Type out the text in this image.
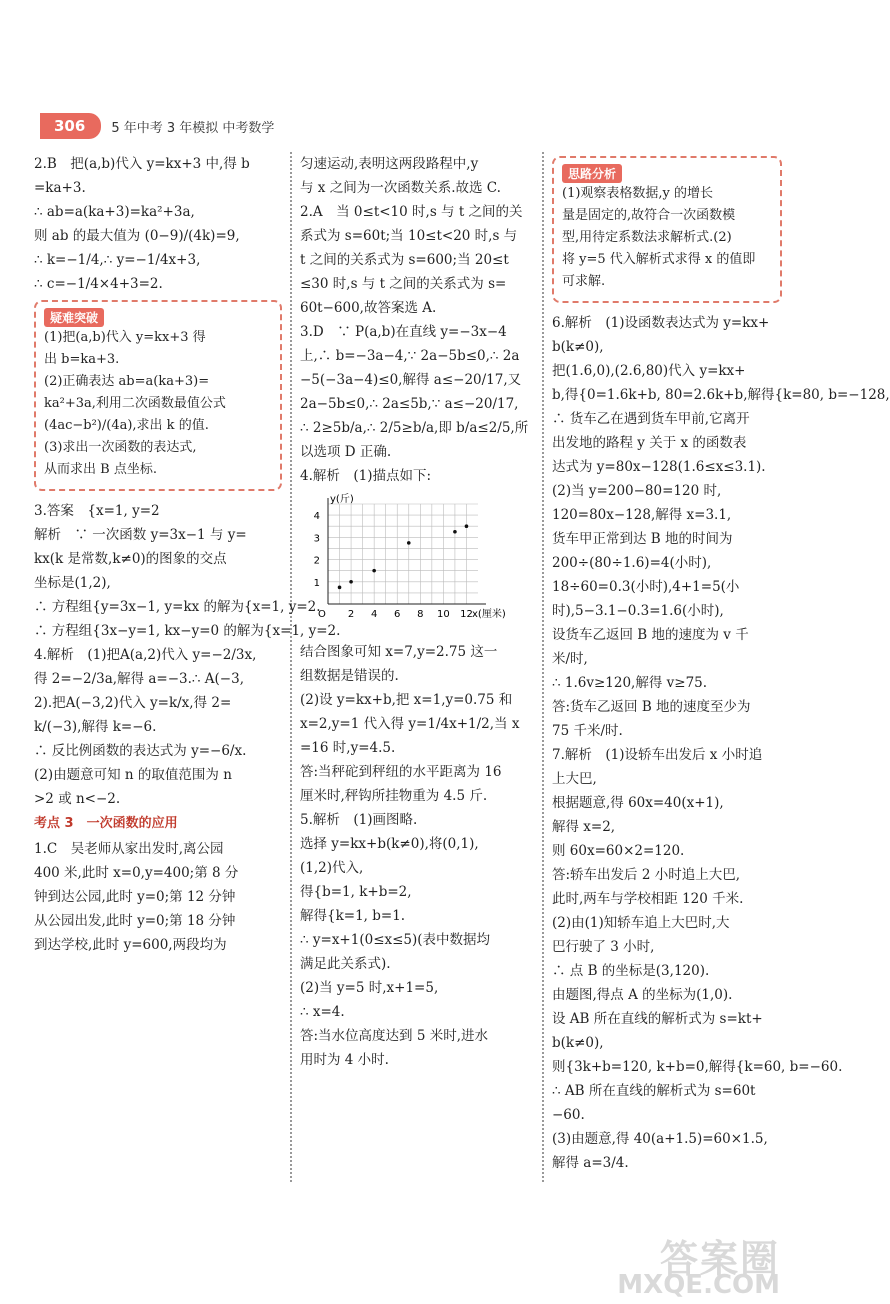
306	5 年中考 3 年模拟 中考数学
2.B　把(a,b)代入 y=kx+3 中,得 b
=ka+3.
∴ ab=a(ka+3)=ka²+3a,
则 ab 的最大值为 (0−9)/(4k)=9,
∴ k=−1/4,∴ y=−1/4x+3,
∴ c=−1/4×4+3=2.
疑难突破
(1)把(a,b)代入 y=kx+3 得
出 b=ka+3.
(2)正确表达 ab=a(ka+3)=
ka²+3a,利用二次函数最值公式
(4ac−b²)/(4a),求出 k 的值.
(3)求出一次函数的表达式,
从而求出 B 点坐标.
3.答案　{x=1, y=2
解析　∵ 一次函数 y=3x−1 与 y=
kx(k 是常数,k≠0)的图象的交点
坐标是(1,2),
∴ 方程组{y=3x−1, y=kx 的解为{x=1, y=2.
∴ 方程组{3x−y=1, kx−y=0 的解为{x=1, y=2.
4.解析　(1)把A(a,2)代入 y=−2/3x,
得 2=−2/3a,解得 a=−3.∴ A(−3,
2).把A(−3,2)代入 y=k/x,得 2=
k/(−3),解得 k=−6.
∴ 反比例函数的表达式为 y=−6/x.
(2)由题意可知 n 的取值范围为 n
>2 或 n<−2.
考点 3　一次函数的应用
1.C　吴老师从家出发时,离公园
400 米,此时 x=0,y=400;第 8 分
钟到达公园,此时 y=0;第 12 分钟
从公园出发,此时 y=0;第 18 分钟
到达学校,此时 y=600,两段均为
匀速运动,表明这两段路程中,y
与 x 之间为一次函数关系.故选 C.
2.A　当 0≤t<10 时,s 与 t 之间的关
系式为 s=60t;当 10≤t<20 时,s 与
t 之间的关系式为 s=600;当 20≤t
≤30 时,s 与 t 之间的关系式为 s=
60t−600,故答案选 A.
3.D　∵ P(a,b)在直线 y=−3x−4
上,∴ b=−3a−4,∵ 2a−5b≤0,∴ 2a
−5(−3a−4)≤0,解得 a≤−20/17,又
2a−5b≤0,∴ 2a≤5b,∵ a≤−20/17,
∴ 2≥5b/a,∴ 2/5≥b/a,即 b/a≤2/5,所
以选项 D 正确.
4.解析　(1)描点如下:
2 4 6 8 10 12
1
2
3
4
O
y(斤)
x(厘米)
结合图象可知 x=7,y=2.75 这一
组数据是错误的.
(2)设 y=kx+b,把 x=1,y=0.75 和
x=2,y=1 代入得 y=1/4x+1/2,当 x
=16 时,y=4.5.
答:当秤砣到秤纽的水平距离为 16
厘米时,秤钩所挂物重为 4.5 斤.
5.解析　(1)画图略.
选择 y=kx+b(k≠0),将(0,1),
(1,2)代入,
得{b=1, k+b=2,
解得{k=1, b=1.
∴ y=x+1(0≤x≤5)(表中数据均
满足此关系式).
(2)当 y=5 时,x+1=5,
∴ x=4.
答:当水位高度达到 5 米时,进水
用时为 4 小时.
思路分析
(1)观察表格数据,y 的增长
量是固定的,故符合一次函数模
型,用待定系数法求解析式.(2)
将 y=5 代入解析式求得 x 的值即
可求解.
6.解析　(1)设函数表达式为 y=kx+
b(k≠0),
把(1.6,0),(2.6,80)代入 y=kx+
b,得{0=1.6k+b, 80=2.6k+b,解得{k=80, b=−128,
∴ 货车乙在遇到货车甲前,它离开
出发地的路程 y 关于 x 的函数表
达式为 y=80x−128(1.6≤x≤3.1).
(2)当 y=200−80=120 时,
120=80x−128,解得 x=3.1,
货车甲正常到达 B 地的时间为
200÷(80÷1.6)=4(小时),
18÷60=0.3(小时),4+1=5(小
时),5−3.1−0.3=1.6(小时),
设货车乙返回 B 地的速度为 v 千
米/时,
∴ 1.6v≥120,解得 v≥75.
答:货车乙返回 B 地的速度至少为
75 千米/时.
7.解析　(1)设轿车出发后 x 小时追
上大巴,
根据题意,得 60x=40(x+1),
解得 x=2,
则 60x=60×2=120.
答:轿车出发后 2 小时追上大巴,
此时,两车与学校相距 120 千米.
(2)由(1)知轿车追上大巴时,大
巴行驶了 3 小时,
∴ 点 B 的坐标是(3,120).
由题图,得点 A 的坐标为(1,0).
设 AB 所在直线的解析式为 s=kt+
b(k≠0),
则{3k+b=120, k+b=0,解得{k=60, b=−60.
∴ AB 所在直线的解析式为 s=60t
−60.
(3)由题意,得 40(a+1.5)=60×1.5,
解得 a=3/4.
答案圈
MXQE.COM
